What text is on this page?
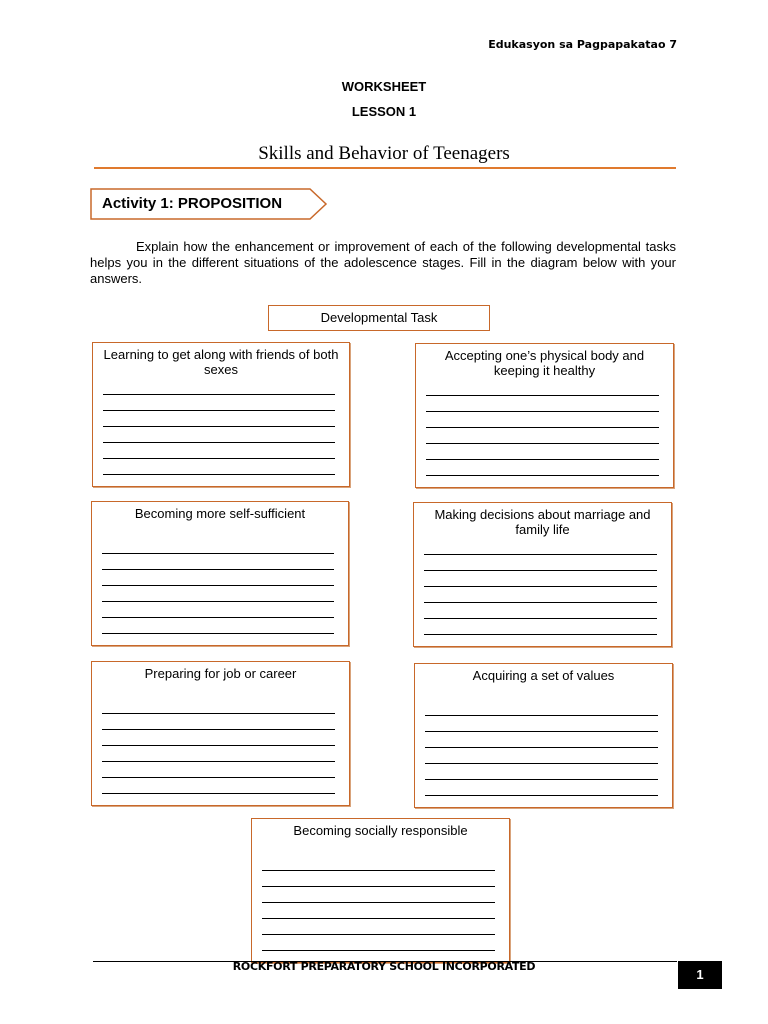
Edukasyon sa Pagpapakatao 7
WORKSHEET
LESSON 1
Skills and Behavior of Teenagers
Activity 1: PROPOSITION
Explain how the enhancement or improvement of each of the following developmental tasks helps you in the different situations of the adolescence stages. Fill in the diagram below with your answers.
Developmental Task
Learning to get along with friends of both sexes
Accepting one’s physical body and keeping it healthy
Becoming more self-sufficient	Making decisions about marriage and family life
Preparing for job or career	Acquiring a set of values
Becoming socially responsible
ROCKFORT PREPARATORY SCHOOL INCORPORATED
1
